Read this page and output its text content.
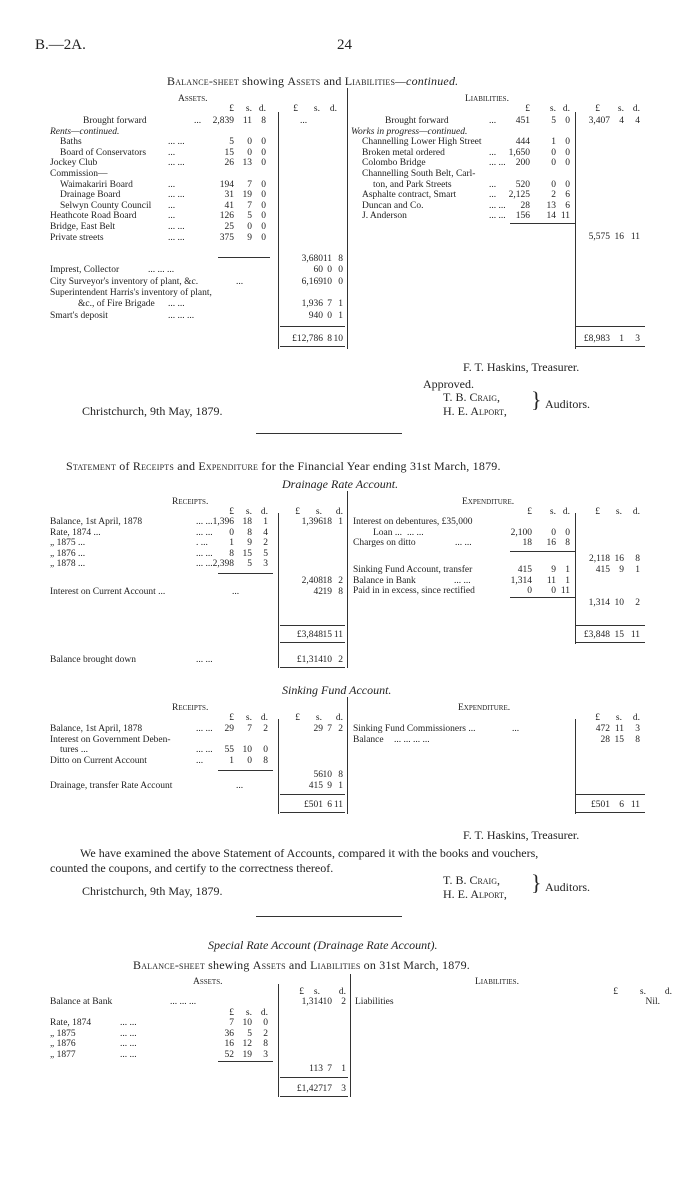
B.—2A.	24
Balance-sheet showing Assets and Liabilities—continued.
Assets.	Liabilities.
£ s. d.	£ s. d.
Brought forward	... 2,839 11 8	...
Rents—continued.
Baths	... ...	5 0 0
Board of Conservators ...	15 0 0
Jockey Club	... ...	26 13 0
Commission—
Waimakariri Board	...	194 7 0
Drainage Board	... ...	31 19 0
Selwyn County Council ...	41 7 0
Heathcote Road Board	...	126 5 0
Bridge, East Belt	... ...	25 0 0
Private streets	... ...	375 9 0
3,680 11 8
Imprest, Collector	... ... ...	60 0 0
City Surveyor's inventory of plant, &c.	...	6,169 10 0
Superintendent Harris's inventory of plant,
&c., of Fire Brigade ... ...	1,936 7 1
Smart's deposit	... ... ...	940 0 1
£12,786 8 10
£ s. d.	£ s. d.
Brought forward	... 451 5 0 3,407 4 4
Works in progress—continued.
Channelling Lower High Street	444 1 0
Broken metal ordered	... 1,650 0 0
Colombo Bridge	... ... 200 0 0
Channelling South Belt, Carl-
ton, and Park Streets	... 520 0 0
Asphalte contract, Smart	... 2,125 2 6
Duncan and Co.	... ... 28 13 6
J. Anderson	... ... 156 14 11
5,575 16 11
£8,983 1 3
F. T. Haskins, Treasurer.
Approved.
T. B. Craig,
H. E. Alport, } Auditors.
Christchurch, 9th May, 1879.
Statement of Receipts and Expenditure for the Financial Year ending 31st March, 1879.
Drainage Rate Account.
Receipts.	Expenditure.
£ s. d.	£ s. d.
Balance, 1st April, 1878	... ... 1,396 18 1	1,396 18 1
Rate, 1874 ...	... ... 0 8 4
„ 1875 ...	. ... 1 9 2
„ 1876 ...	... ... 8 15 5
„ 1878 ...	... ... 2,398 5 3
2,408 18 2
Interest on Current Account ...	...	42 19 8
£3,848 15 11
Balance brought down	... ...	£1,314 10 2
£ s. d.	£ s. d.
Interest on debentures, £35,000
Loan ... ... ...	2,100 0 0
Charges on ditto	... ...	18 16 8
2,118 16 8
Sinking Fund Account, transfer	415 9 1	415 9 1
Balance in Bank	... ...	1,314 11 1
Paid in in excess, since rectified	0 0 11
1,314 10 2
£3,848 15 11
Sinking Fund Account.
Receipts.	Expenditure.
£ s. d.	£ s. d.
Balance, 1st April, 1878	... ... 29 7 2	29 7 2
Interest on Government Deben-
tures ...	... ... 55 10 0
Ditto on Current Account	...	1 0 8
56 10 8
Drainage, transfer Rate Account	...	415 9 1
£501 6 11
£ s. d.
Sinking Fund Commissioners ...	...	472 11 3
Balance ... ... ... ...	28 15 8
£501 6 11
F. T. Haskins, Treasurer.
We have examined the above Statement of Accounts, compared it with the books and vouchers,
counted the coupons, and certify to the correctness thereof.
Christchurch, 9th May, 1879.
T. B. Craig,
H. E. Alport, } Auditors.
Special Rate Account (Drainage Rate Account).
Balance-sheet shewing Assets and Liabilities on 31st March, 1879.
Assets.	Liabilities.
£ s. d.	£ s. d.
Balance at Bank	... ... ...	1,314 10 2 Liabilities	Nil.
£ s. d.
Rate, 1874	... ...	7 10 0
„ 1875	... ...	36 5 2
„ 1876	... ...	16 12 8
„ 1877	... ...	52 19 3
113 7 1
£1,427 17 3
